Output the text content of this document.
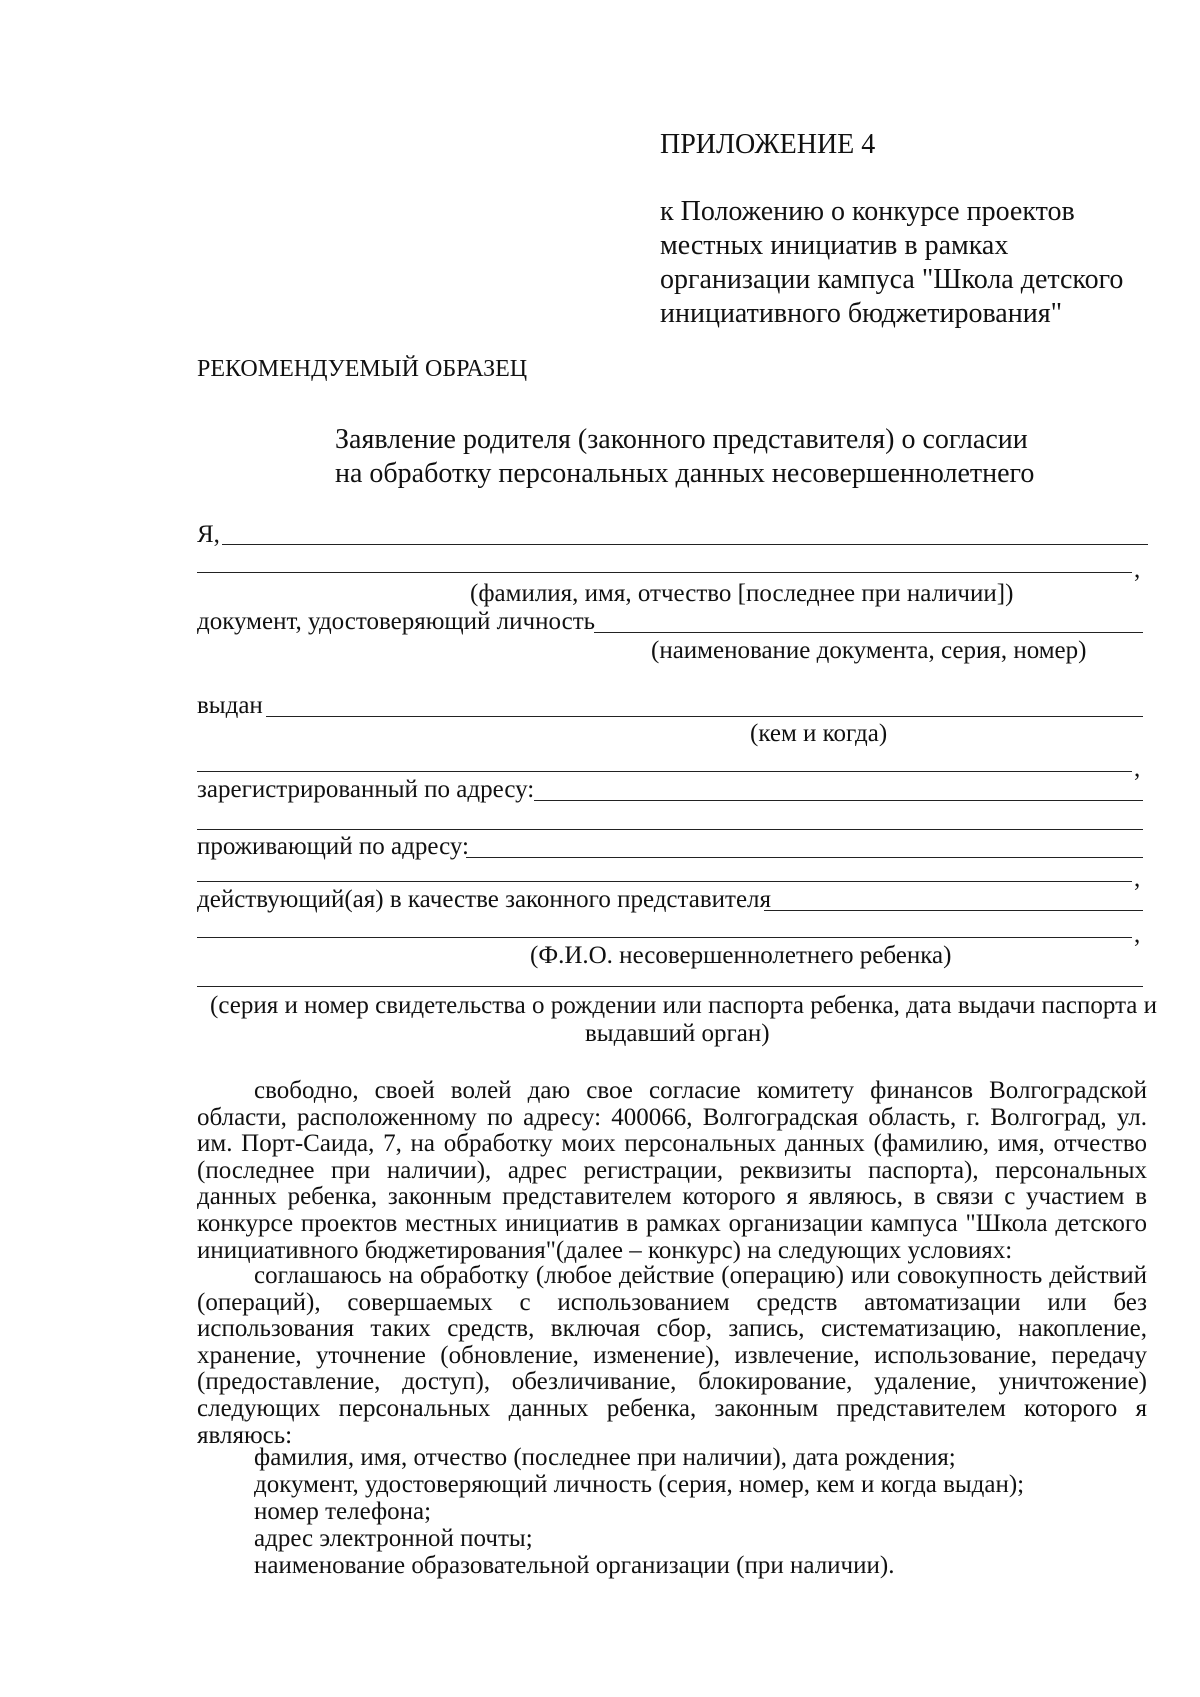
ПРИЛОЖЕНИЕ 4
к Положению о конкурсе проектов
местных инициатив в рамках
организации кампуса "Школа детского
инициативного бюджетирования"
РЕКОМЕНДУЕМЫЙ ОБРАЗЕЦ
Заявление родителя (законного представителя) о согласии
на обработку персональных данных несовершеннолетнего
Я,
,
(фамилия, имя, отчество [последнее при наличии])
документ, удостоверяющий личность
(наименование документа, серия, номер)
выдан
(кем и когда)
,
зарегистрированный по адресу:
проживающий по адресу:
,
действующий(ая) в качестве законного представителя
,
(Ф.И.О. несовершеннолетнего ребенка)
(серия и номер свидетельства о рождении или паспорта ребенка, дата выдачи паспорта и
выдавший орган)
свободно, своей волей даю свое согласие комитету финансов Волгоградской области, расположенному по адресу: 400066, Волгоградская область, г. Волгоград, ул. им. Порт-Саида, 7, на обработку моих персональных данных (фамилию, имя, отчество (последнее при наличии), адрес регистрации, реквизиты паспорта), персональных данных ребенка, законным представителем которого я являюсь, в связи с участием в конкурсе проектов местных инициатив в рамках организации кампуса "Школа детского инициативного бюджетирования"(далее – конкурс) на следующих условиях:
соглашаюсь на обработку (любое действие (операцию) или совокупность действий (операций), совершаемых с использованием средств автоматизации или без использования таких средств, включая сбор, запись, систематизацию, накопление, хранение, уточнение (обновление, изменение), извлечение, использование, передачу (предоставление, доступ), обезличивание, блокирование, удаление, уничтожение) следующих персональных данных ребенка, законным представителем которого я являюсь:
фамилия, имя, отчество (последнее при наличии), дата рождения;
документ, удостоверяющий личность (серия, номер, кем и когда выдан);
номер телефона;
адрес электронной почты;
наименование образовательной организации (при наличии).
